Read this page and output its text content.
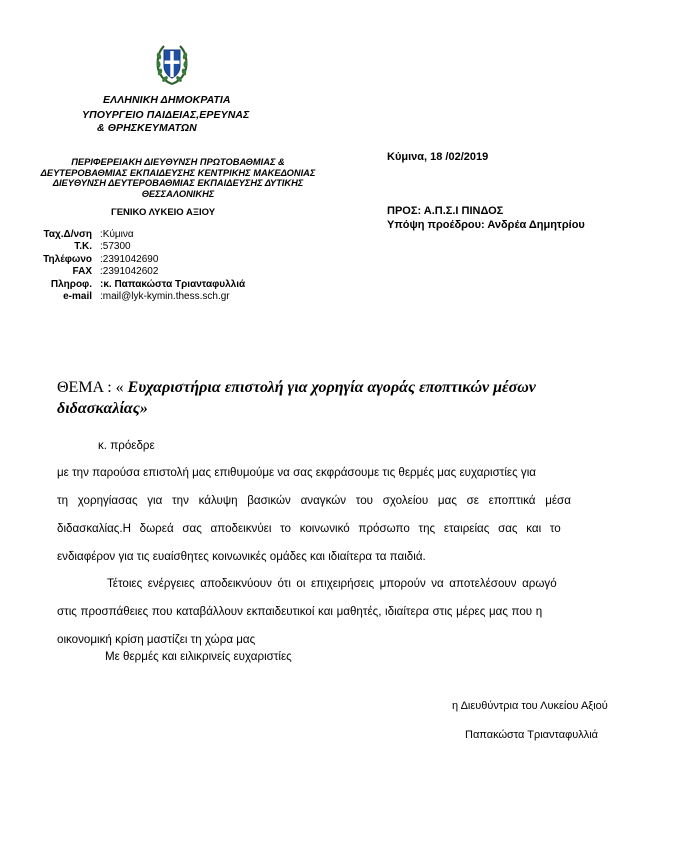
ΕΛΛΗΝΙΚΗ ΔΗΜΟΚΡΑΤΙΑ
ΥΠΟΥΡΓΕΙΟ ΠΑΙΔΕΙΑΣ,ΕΡΕΥΝΑΣ
& ΘΡΗΣΚΕΥΜΑΤΩΝ
ΠΕΡΙΦΕΡΕΙΑΚΗ ΔΙΕΥΘΥΝΣΗ ΠΡΩΤΟΒΑΘΜΙΑΣ &
ΔΕΥΤΕΡΟΒΑΘΜΙΑΣ ΕΚΠΑΙΔΕΥΣΗΣ ΚΕΝΤΡΙΚΗΣ ΜΑΚΕΔΟΝΙΑΣ
ΔΙΕΥΘΥΝΣΗ ΔΕΥΤΕΡΟΒΑΘΜΙΑΣ ΕΚΠΑΙΔΕΥΣΗΣ ΔΥΤΙΚΗΣ
ΘΕΣΣΑΛΟΝΙΚΗΣ
ΓΕΝΙΚΟ ΛΥΚΕΙΟ ΑΞΙΟΥ
Ταχ.Δ/νση :Κύμινα
Τ.Κ. :57300
Τηλέφωνο :2391042690
FAX :2391042602
Πληροφ. :κ. Παπακώστα Τριανταφυλλιά
e-mail :mail@lyk-kymin.thess.sch.gr
Κύμινα, 18 /02/2019
ΠΡΟΣ: Α.Π.Σ.Ι ΠΙΝΔΟΣ
Υπόψη προέδρου: Ανδρέα Δημητρίου
ΘΕΜΑ : « Ευχαριστήρια επιστολή για χορηγία αγοράς εποπτικών μέσων
διδασκαλίας»
κ. πρόεδρε
με την παρούσα επιστολή μας επιθυμούμε να σας εκφράσουμε τις θερμές μας ευχαριστίες για
τη χορηγίασας για την κάλυψη βασικών αναγκών του σχολείου μας σε εποπτικά μέσα
διδασκαλίας.Η δωρεά σας αποδεικνύει το κοινωνικό πρόσωπο της εταιρείας σας και το
ενδιαφέρον για τις ευαίσθητες κοινωνικές ομάδες και ιδιαίτερα τα παιδιά.
Τέτοιες ενέργειες αποδεικνύουν ότι οι επιχειρήσεις μπορούν να αποτελέσουν αρωγό
στις προσπάθειες που καταβάλλουν εκπαιδευτικοί και μαθητές, ιδιαίτερα στις μέρες μας που η
οικονομική κρίση μαστίζει τη χώρα μας
Με θερμές και ειλικρινείς ευχαριστίες
η Διευθύντρια του Λυκείου Αξιού
Παπακώστα Τριανταφυλλιά
